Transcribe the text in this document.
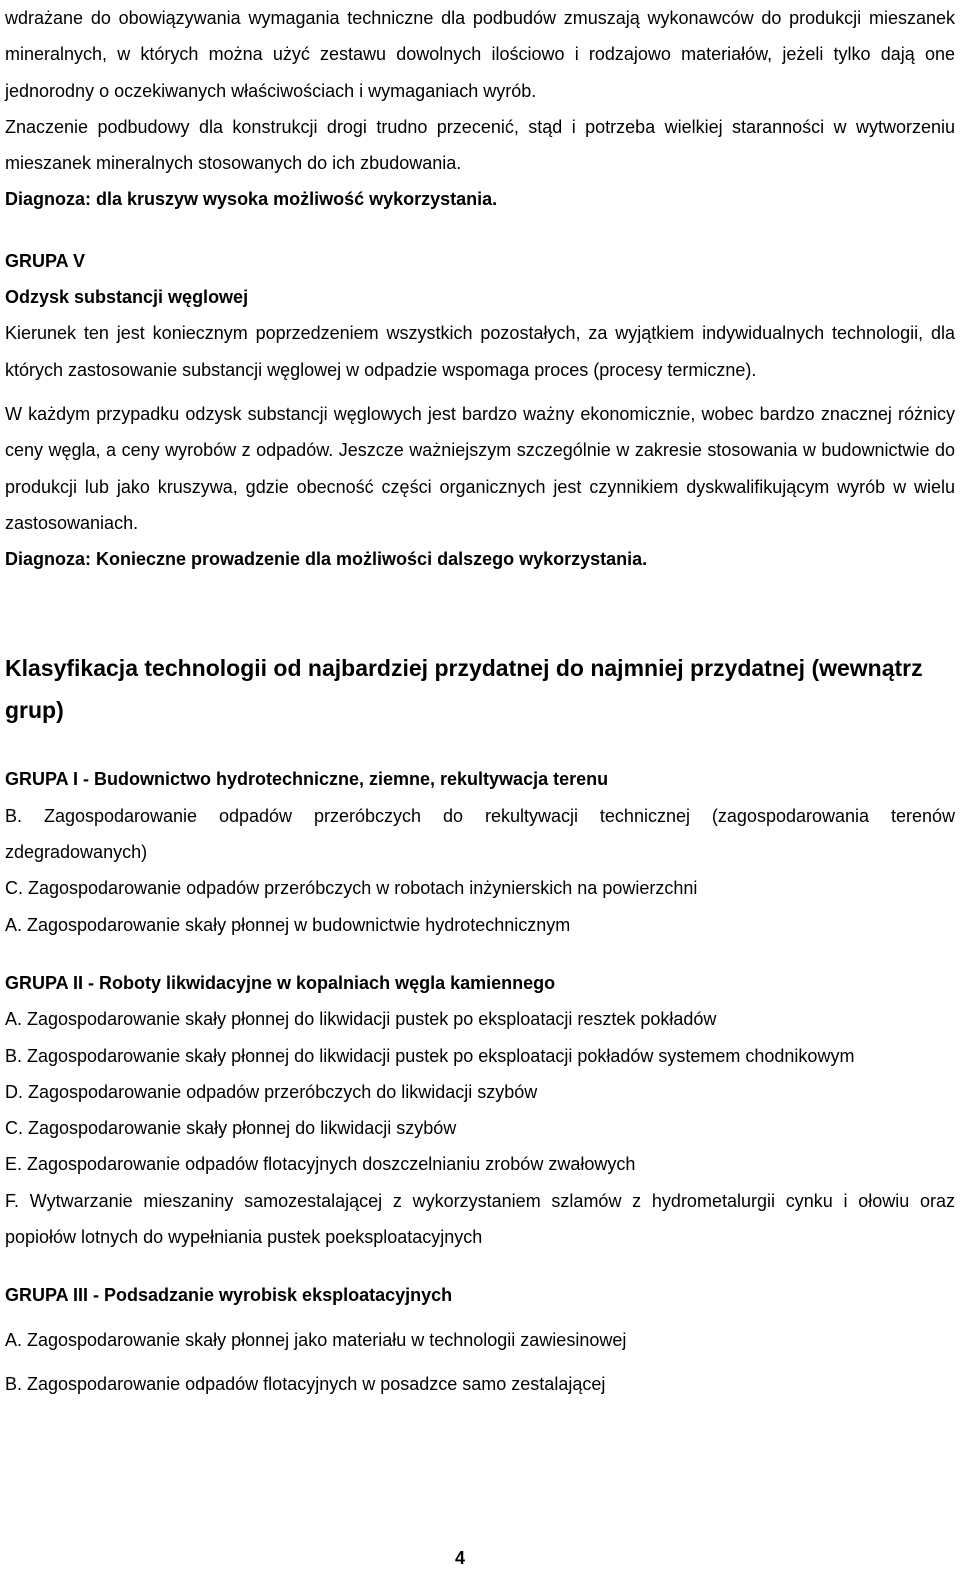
wdrażane do obowiązywania wymagania techniczne dla podbudów zmuszają wykonawców do produkcji mieszanek mineralnych, w których można użyć zestawu dowolnych ilościowo i rodzajowo materiałów, jeżeli tylko dają one jednorodny o oczekiwanych właściwościach i wymaganiach wyrób.

Znaczenie podbudowy dla konstrukcji drogi trudno przecenić, stąd i potrzeba wielkiej staranności w wytworzeniu mieszanek mineralnych stosowanych do ich zbudowania.

Diagnoza: dla kruszyw wysoka możliwość wykorzystania.

GRUPA V

Odzysk substancji węglowej

Kierunek ten jest koniecznym poprzedzeniem wszystkich pozostałych, za wyjątkiem indywidualnych technologii, dla których zastosowanie substancji węglowej w odpadzie wspomaga proces (procesy termiczne).

W każdym przypadku odzysk substancji węglowych jest bardzo ważny ekonomicznie, wobec bardzo znacznej różnicy ceny węgla, a ceny wyrobów z odpadów. Jeszcze ważniejszym szczególnie w zakresie stosowania w budownictwie do produkcji lub jako kruszywa, gdzie obecność części organicznych jest czynnikiem dyskwalifikującym wyrób w wielu zastosowaniach.

Diagnoza: Konieczne prowadzenie dla możliwości dalszego wykorzystania.

Klasyfikacja technologii od najbardziej przydatnej do najmniej przydatnej (wewnątrz grup)

GRUPA I - Budownictwo hydrotechniczne, ziemne, rekultywacja terenu

B. Zagospodarowanie odpadów przeróbczych do rekultywacji technicznej (zagospodarowania terenów zdegradowanych)

C. Zagospodarowanie odpadów przeróbczych w robotach inżynierskich na powierzchni

A. Zagospodarowanie skały płonnej w budownictwie hydrotechnicznym

GRUPA II - Roboty likwidacyjne w kopalniach węgla kamiennego

A. Zagospodarowanie skały płonnej do likwidacji pustek po eksploatacji resztek pokładów

B. Zagospodarowanie skały płonnej do likwidacji pustek po eksploatacji pokładów systemem chodnikowym

D. Zagospodarowanie odpadów przeróbczych do likwidacji szybów

C. Zagospodarowanie skały płonnej do likwidacji szybów

E. Zagospodarowanie odpadów flotacyjnych doszczelnianiu zrobów zwałowych

F. Wytwarzanie mieszaniny samozestalającej z wykorzystaniem szlamów z hydrometalurgii cynku i ołowiu oraz popiołów lotnych do wypełniania pustek poeksploatacyjnych

GRUPA III - Podsadzanie wyrobisk eksploatacyjnych

A. Zagospodarowanie skały płonnej jako materiału w technologii zawiesinowej

B. Zagospodarowanie odpadów flotacyjnych w posadzce samo zestalającej

4
